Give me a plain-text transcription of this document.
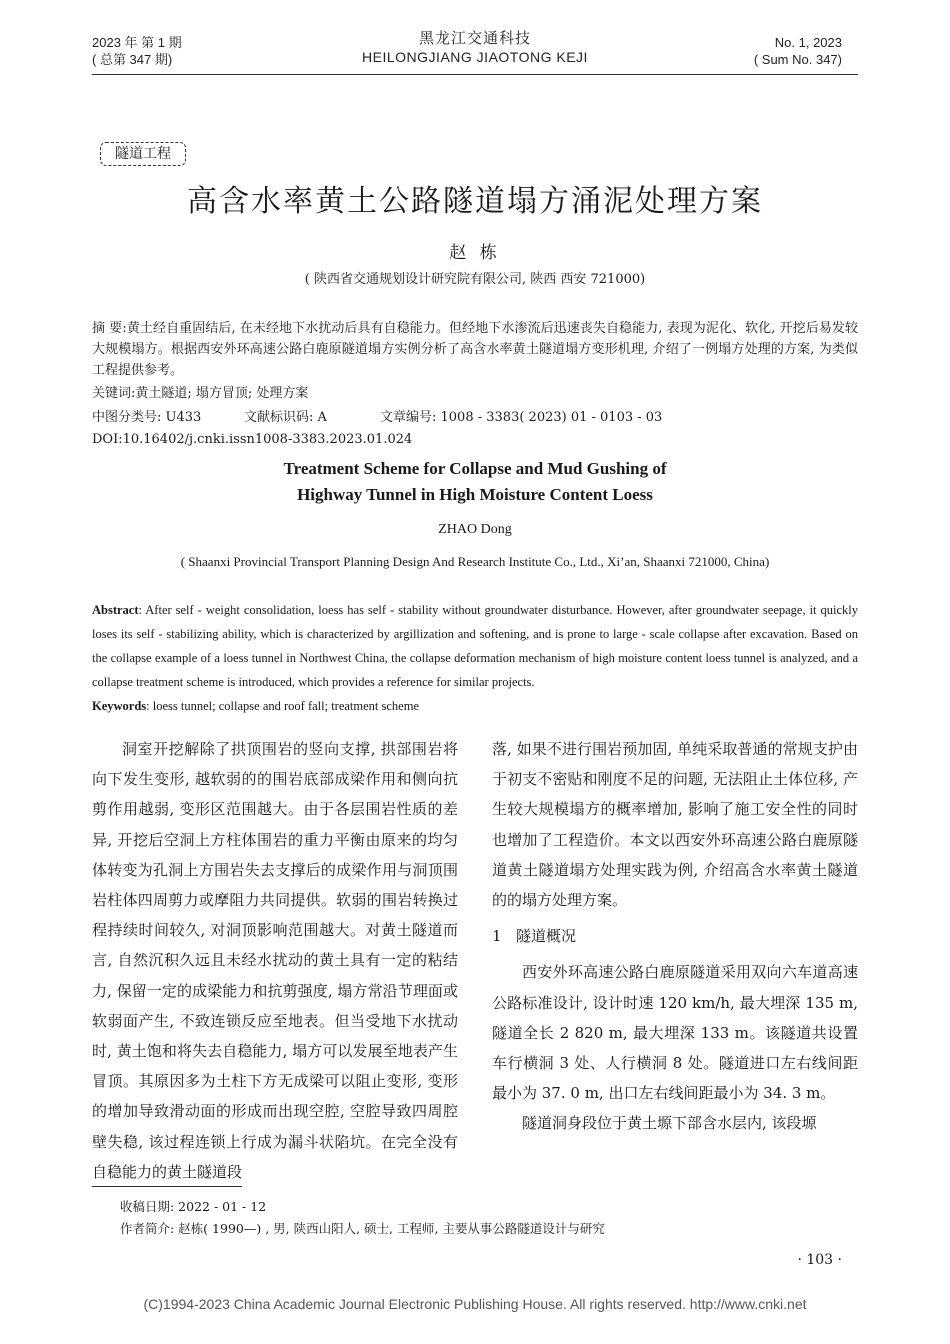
2023 年 第 1 期
( 总第 347 期)
黑龙江交通科技
HEILONGJIANG JIAOTONG KEJI
No. 1, 2023
( Sum No. 347)
隧道工程
高含水率黄土公路隧道塌方涌泥处理方案
赵 栋
( 陕西省交通规划设计研究院有限公司, 陕西 西安 721000)
摘 要:黄土经自重固结后, 在未经地下水扰动后具有自稳能力。但经地下水渗流后迅速丧失自稳能力, 表现为泥化、软化, 开挖后易发较大规模塌方。根据西安外环高速公路白鹿原隧道塌方实例分析了高含水率黄土隧道塌方变形机理, 介绍了一例塌方处理的方案, 为类似工程提供参考。
关键词:黄土隧道; 塌方冒顶; 处理方案
中图分类号: U433	文献标识码: A	文章编号: 1008 - 3383( 2023) 01 - 0103 - 03
DOI:10.16402/j.cnki.issn1008-3383.2023.01.024
Treatment Scheme for Collapse and Mud Gushing of
Highway Tunnel in High Moisture Content Loess
ZHAO Dong
( Shaanxi Provincial Transport Planning Design And Research Institute Co., Ltd., Xi’an, Shaanxi 721000, China)
Abstract: After self - weight consolidation, loess has self - stability without groundwater disturbance. However, after groundwater seepage, it quickly loses its self - stabilizing ability, which is characterized by argillization and softening, and is prone to large - scale collapse after excavation. Based on the collapse example of a loess tunnel in Northwest China, the collapse deformation mechanism of high moisture content loess tunnel is analyzed, and a collapse treatment scheme is introduced, which provides a reference for similar projects.
Keywords: loess tunnel; collapse and roof fall; treatment scheme

洞室开挖解除了拱顶围岩的竖向支撑, 拱部围岩将向下发生变形, 越软弱的的围岩底部成梁作用和侧向抗剪作用越弱, 变形区范围越大。由于各层围岩性质的差异, 开挖后空洞上方柱体围岩的重力平衡由原来的均匀体转变为孔洞上方围岩失去支撑后的成梁作用与洞顶围岩柱体四周剪力或摩阻力共同提供。软弱的围岩转换过程持续时间较久, 对洞顶影响范围越大。对黄土隧道而言, 自然沉积久远且未经水扰动的黄土具有一定的粘结力, 保留一定的成梁能力和抗剪强度, 塌方常沿节理面或软弱面产生, 不致连锁反应至地表。但当受地下水扰动时, 黄土饱和将失去自稳能力, 塌方可以发展至地表产生冒顶。其原因多为土柱下方无成梁可以阻止变形, 变形的增加导致滑动面的形成而出现空腔, 空腔导致四周腔壁失稳, 该过程连锁上行成为漏斗状陷坑。在完全没有自稳能力的黄土隧道段

落, 如果不进行围岩预加固, 单纯采取普通的常规支护由于初支不密贴和刚度不足的问题, 无法阻止土体位移, 产生较大规模塌方的概率增加, 影响了施工安全性的同时也增加了工程造价。本文以西安外环高速公路白鹿原隧道黄土隧道塌方处理实践为例, 介绍高含水率黄土隧道的的塌方处理方案。

1 隧道概况

西安外环高速公路白鹿原隧道采用双向六车道高速公路标准设计, 设计时速 120 km/h, 最大埋深 135 m, 隧道全长 2 820 m, 最大埋深 133 m。该隧道共设置车行横洞 3 处、人行横洞 8 处。隧道进口左右线间距最小为 37. 0 m, 出口左右线间距最小为 34. 3 m。

隧道洞身段位于黄土塬下部含水层内, 该段塬

收稿日期: 2022 - 01 - 12
作者简介: 赵栋( 1990—) , 男, 陕西山阳人, 硕士, 工程师, 主要从事公路隧道设计与研究
· 103 ·
(C)1994-2023 China Academic Journal Electronic Publishing House. All rights reserved. http://www.cnki.net
